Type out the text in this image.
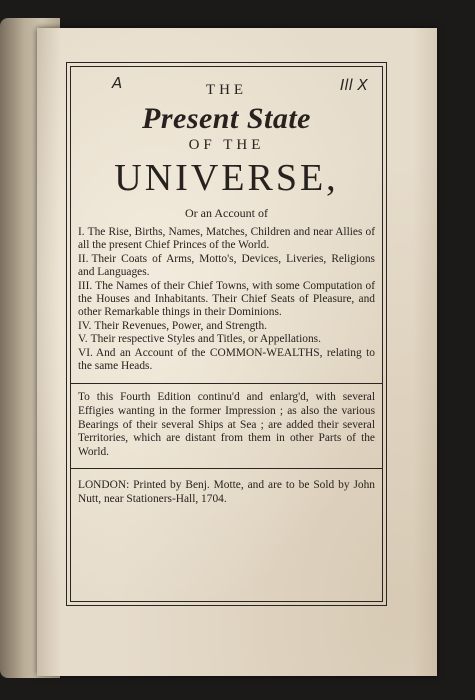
A	Ill X
THE
Present State
OF THE
UNIVERSE,
Or an Account of

I. The Rise, Births, Names, Matches, Children and near Allies of all the present Chief Princes of the World.

II. Their Coats of Arms, Motto's, Devices, Liveries, Religions and Languages.

III. The Names of their Chief Towns, with some Computation of the Houses and Inhabitants. Their Chief Seats of Pleasure, and other Remarkable things in their Dominions.

IV. Their Revenues, Power, and Strength.

V. Their respective Styles and Titles, or Appellations.

VI. And an Account of the COMMON-WEALTHS, relating to the same Heads.

To this Fourth Edition continu'd and enlarg'd, with several Effigies wanting in the former Impression ; as also the various Bearings of their several Ships at Sea ; are added their several Territories, which are distant from them in other Parts of the World.
LONDON: Printed by Benj. Motte, and are to be Sold by John Nutt, near Stationers-Hall, 1704.
